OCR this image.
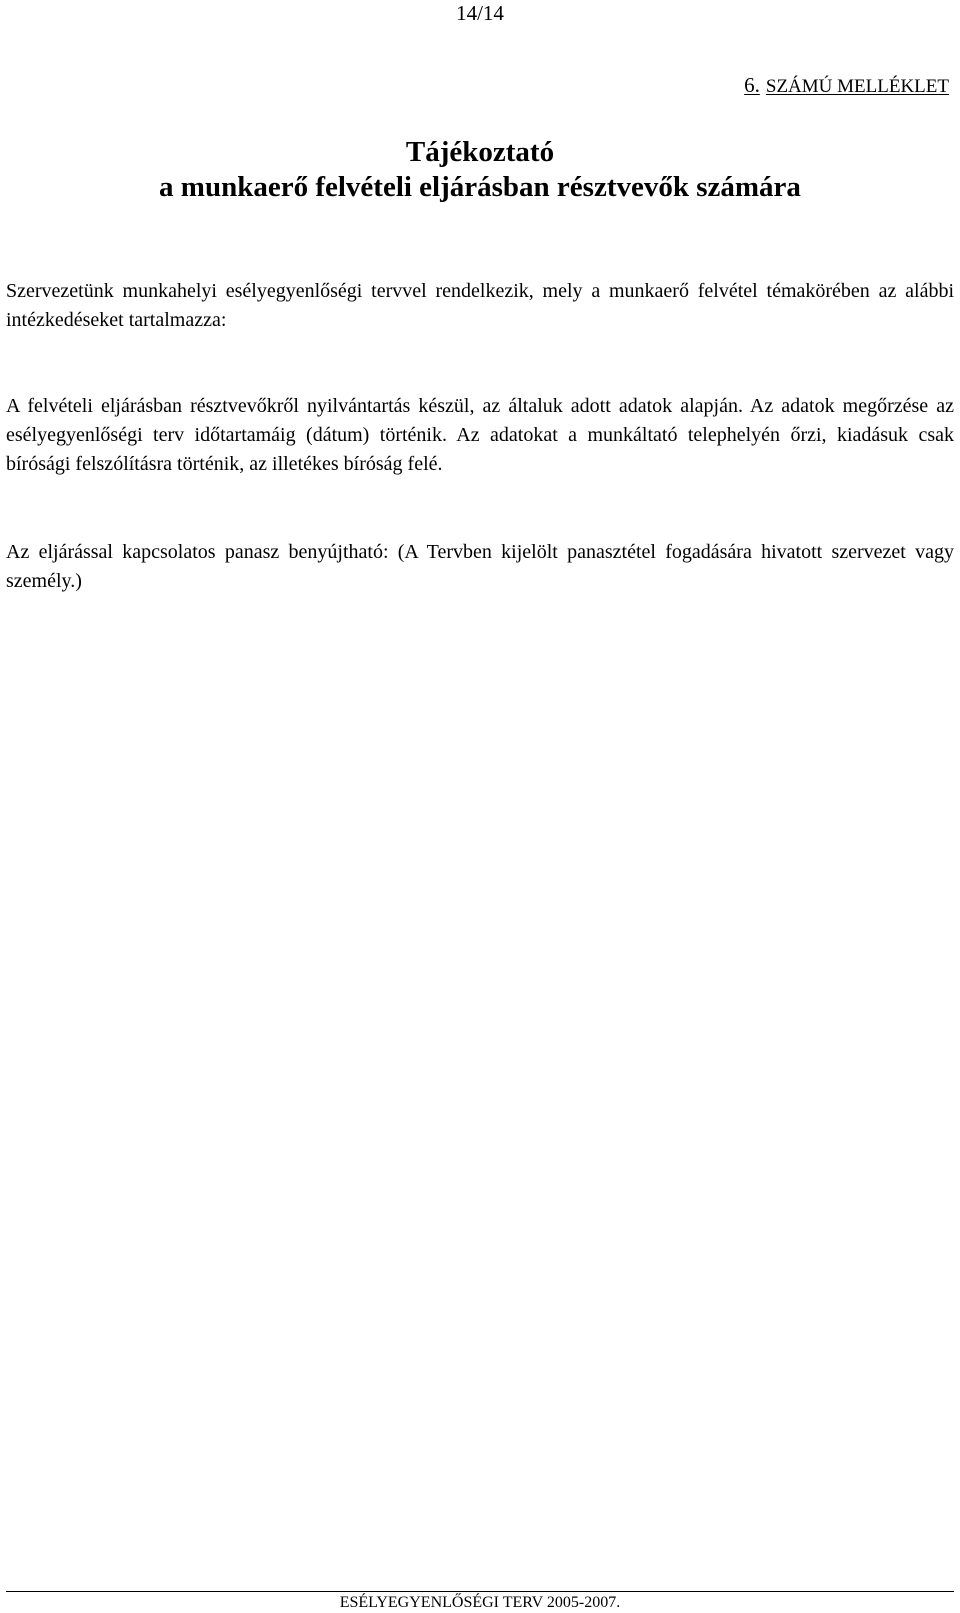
14/14
6. SZÁMÚ MELLÉKLET
Tájékoztató
a munkaerő felvételi eljárásban résztvevők számára

Szervezetünk munkahelyi esélyegyenlőségi tervvel rendelkezik, mely a munkaerő felvétel témakörében az alábbi intézkedéseket tartalmazza:

A felvételi eljárásban résztvevőkről nyilvántartás készül, az általuk adott adatok alapján. Az adatok megőrzése az esélyegyenlőségi terv időtartamáig (dátum) történik. Az adatokat a munkáltató telephelyén őrzi, kiadásuk csak bírósági felszólításra történik, az illetékes bíróság felé.

Az eljárással kapcsolatos panasz benyújtható: (A Tervben kijelölt panasztétel fogadására hivatott szervezet vagy személy.)

ESÉLYEGYENLŐSÉGI TERV 2005-2007.
